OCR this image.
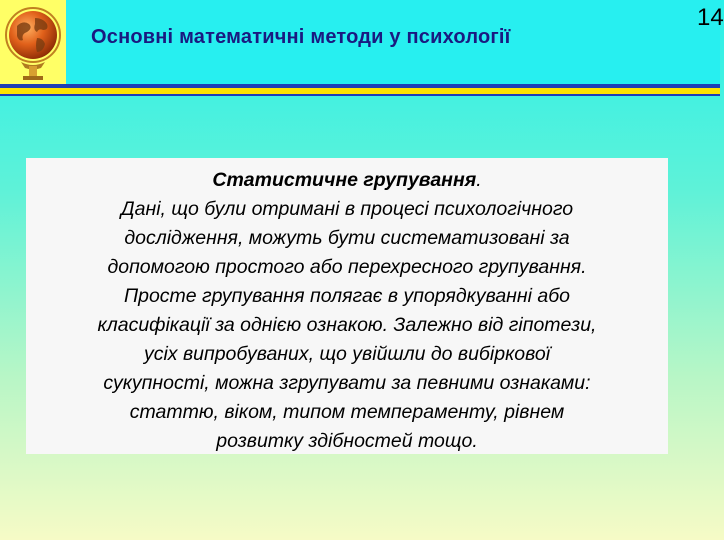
Основні математичні методи у психології
14
Статистичне групування.
Дані, що були отримані в процесі психологічного
дослідження, можуть бути систематизовані за
допомогою простого або перехресного групування.
Просте групування полягає в упорядкуванні або
класифікації за однією ознакою. Залежно від гіпотези,
усіх випробуваних, що увійшли до вибіркової
сукупності, можна згрупувати за певними ознаками:
статтю, віком, типом темпераменту, рівнем
розвитку здібностей тощо.
